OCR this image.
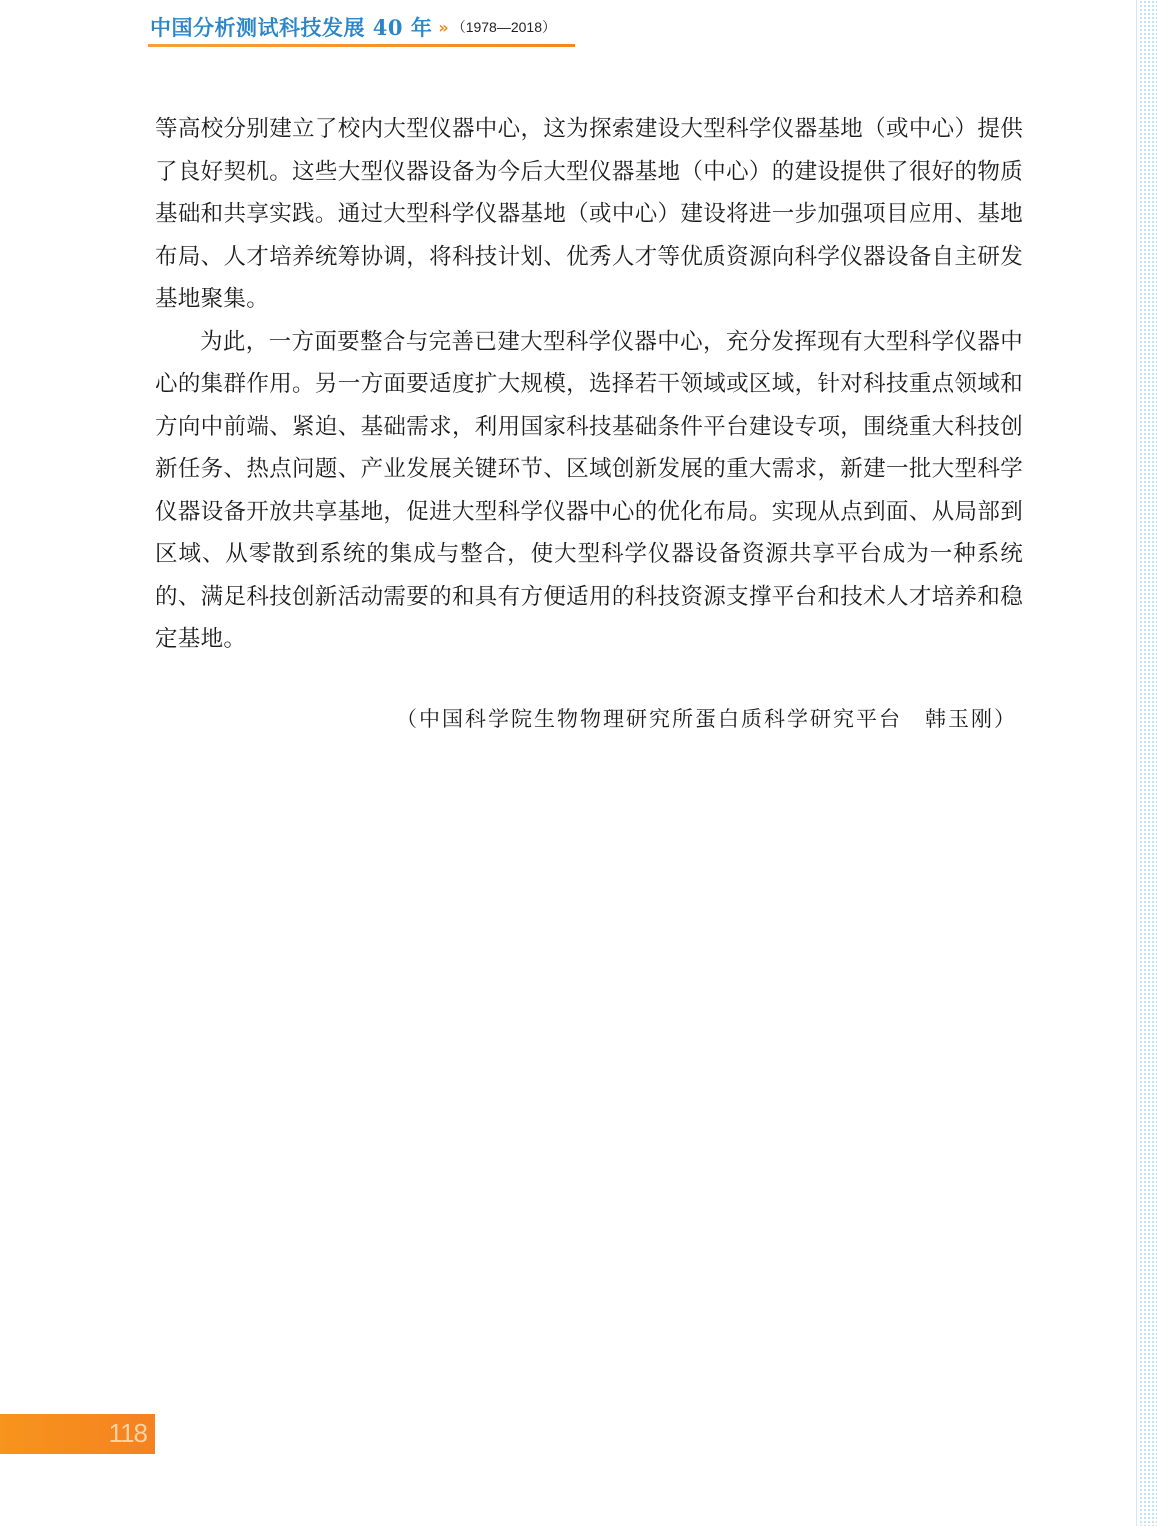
中国分析测试科技发展 40 年 » （1978—2018）

等高校分别建立了校内大型仪器中心，这为探索建设大型科学仪器基地（或中心）提供了良好契机。这些大型仪器设备为今后大型仪器基地（中心）的建设提供了很好的物质基础和共享实践。通过大型科学仪器基地（或中心）建设将进一步加强项目应用、基地布局、人才培养统筹协调，将科技计划、优秀人才等优质资源向科学仪器设备自主研发基地聚集。

为此，一方面要整合与完善已建大型科学仪器中心，充分发挥现有大型科学仪器中心的集群作用。另一方面要适度扩大规模，选择若干领域或区域，针对科技重点领域和方向中前端、紧迫、基础需求，利用国家科技基础条件平台建设专项，围绕重大科技创新任务、热点问题、产业发展关键环节、区域创新发展的重大需求，新建一批大型科学仪器设备开放共享基地，促进大型科学仪器中心的优化布局。实现从点到面、从局部到区域、从零散到系统的集成与整合，使大型科学仪器设备资源共享平台成为一种系统的、满足科技创新活动需要的和具有方便适用的科技资源支撑平台和技术人才培养和稳定基地。

（中国科学院生物物理研究所蛋白质科学研究平台　韩玉刚）
118
